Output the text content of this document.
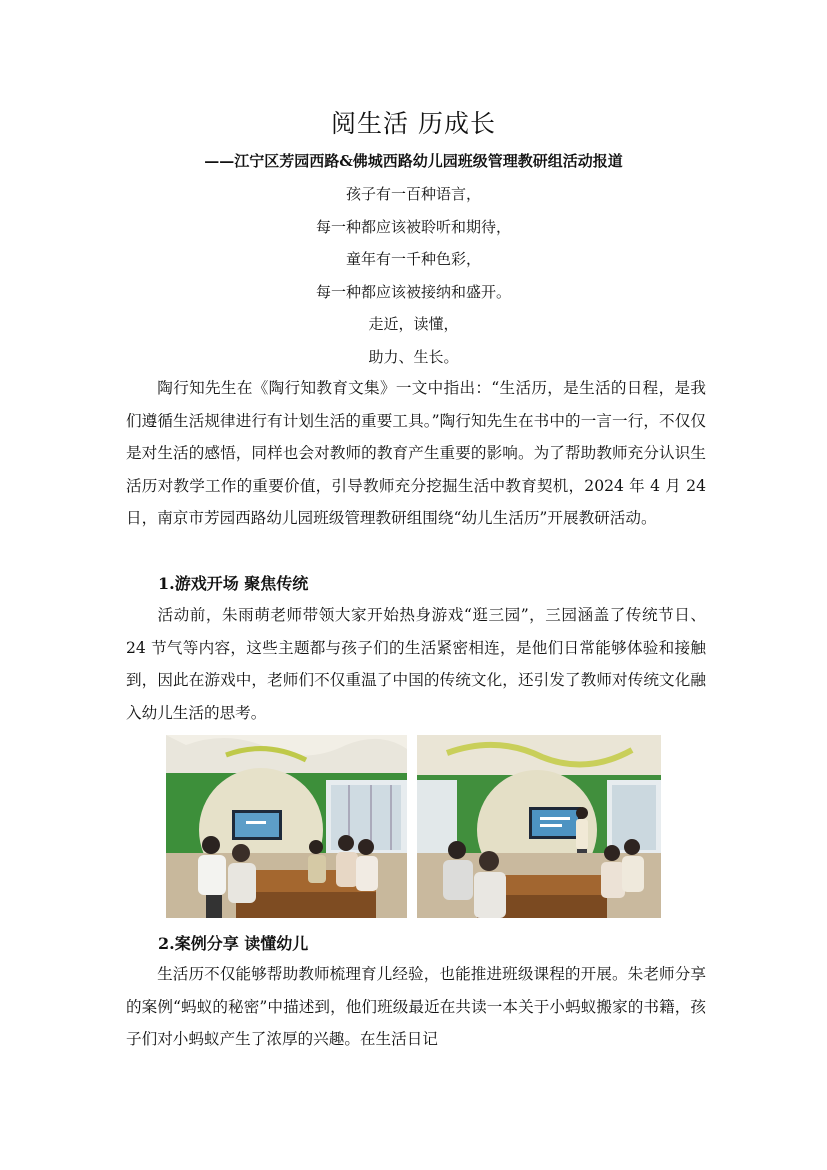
阅生活 历成长
——江宁区芳园西路&佛城西路幼儿园班级管理教研组活动报道
孩子有一百种语言，
每一种都应该被聆听和期待，
童年有一千种色彩，
每一种都应该被接纳和盛开。
走近，读懂，
助力、生长。

陶行知先生在《陶行知教育文集》一文中指出：“生活历，是生活的日程，是我们遵循生活规律进行有计划生活的重要工具。”陶行知先生在书中的一言一行，不仅仅是对生活的感悟，同样也会对教师的教育产生重要的影响。为了帮助教师充分认识生活历对教学工作的重要价值，引导教师充分挖掘生活中教育契机，2024 年 4 月 24 日，南京市芳园西路幼儿园班级管理教研组围绕“幼儿生活历”开展教研活动。

1.游戏开场 聚焦传统

活动前，朱雨萌老师带领大家开始热身游戏“逛三园”，三园涵盖了传统节日、24 节气等内容，这些主题都与孩子们的生活紧密相连，是他们日常能够体验和接触到，因此在游戏中，老师们不仅重温了中国的传统文化，还引发了教师对传统文化融入幼儿生活的思考。

2.案例分享 读懂幼儿

生活历不仅能够帮助教师梳理育儿经验，也能推进班级课程的开展。朱老师分享的案例“蚂蚁的秘密”中描述到，他们班级最近在共读一本关于小蚂蚁搬家的书籍，孩子们对小蚂蚁产生了浓厚的兴趣。在生活日记
